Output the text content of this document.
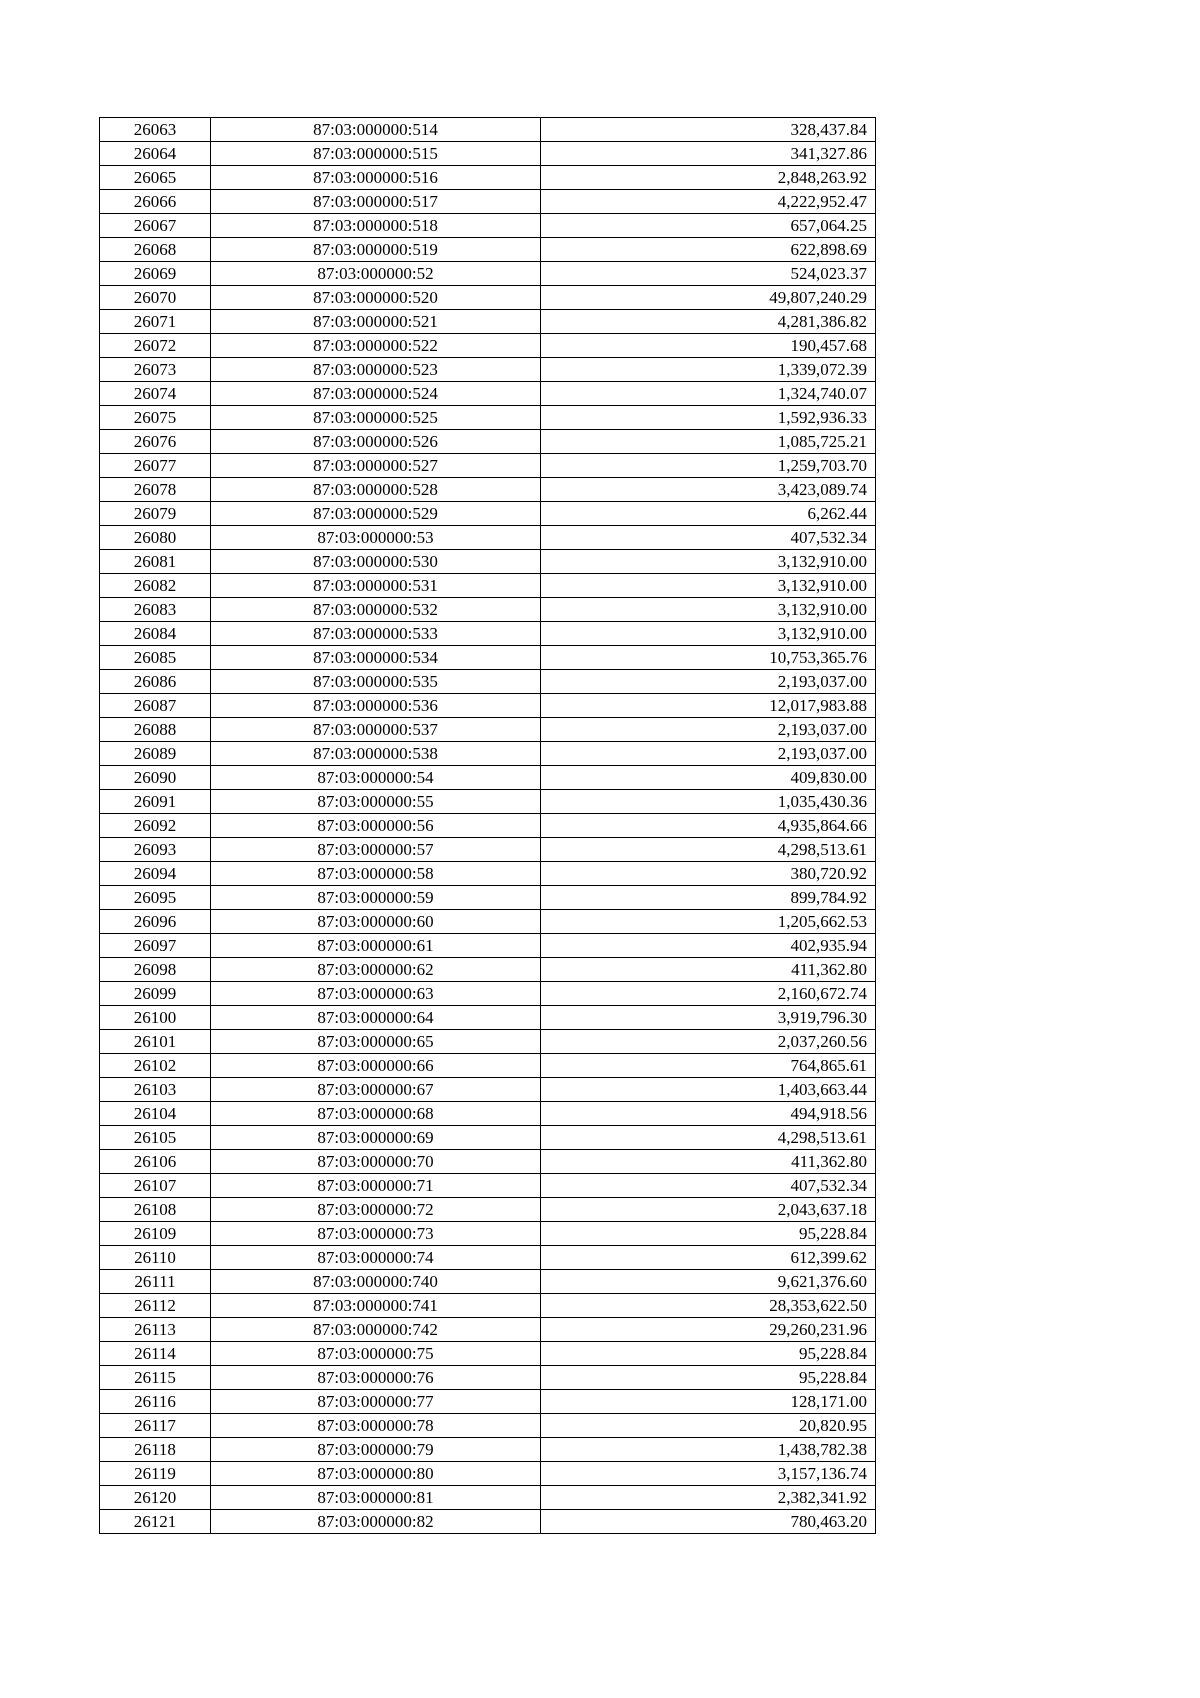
26063	87:03:000000:514	328,437.84
26064	87:03:000000:515	341,327.86
26065	87:03:000000:516	2,848,263.92
26066	87:03:000000:517	4,222,952.47
26067	87:03:000000:518	657,064.25
26068	87:03:000000:519	622,898.69
26069	87:03:000000:52	524,023.37
26070	87:03:000000:520	49,807,240.29
26071	87:03:000000:521	4,281,386.82
26072	87:03:000000:522	190,457.68
26073	87:03:000000:523	1,339,072.39
26074	87:03:000000:524	1,324,740.07
26075	87:03:000000:525	1,592,936.33
26076	87:03:000000:526	1,085,725.21
26077	87:03:000000:527	1,259,703.70
26078	87:03:000000:528	3,423,089.74
26079	87:03:000000:529	6,262.44
26080	87:03:000000:53	407,532.34
26081	87:03:000000:530	3,132,910.00
26082	87:03:000000:531	3,132,910.00
26083	87:03:000000:532	3,132,910.00
26084	87:03:000000:533	3,132,910.00
26085	87:03:000000:534	10,753,365.76
26086	87:03:000000:535	2,193,037.00
26087	87:03:000000:536	12,017,983.88
26088	87:03:000000:537	2,193,037.00
26089	87:03:000000:538	2,193,037.00
26090	87:03:000000:54	409,830.00
26091	87:03:000000:55	1,035,430.36
26092	87:03:000000:56	4,935,864.66
26093	87:03:000000:57	4,298,513.61
26094	87:03:000000:58	380,720.92
26095	87:03:000000:59	899,784.92
26096	87:03:000000:60	1,205,662.53
26097	87:03:000000:61	402,935.94
26098	87:03:000000:62	411,362.80
26099	87:03:000000:63	2,160,672.74
26100	87:03:000000:64	3,919,796.30
26101	87:03:000000:65	2,037,260.56
26102	87:03:000000:66	764,865.61
26103	87:03:000000:67	1,403,663.44
26104	87:03:000000:68	494,918.56
26105	87:03:000000:69	4,298,513.61
26106	87:03:000000:70	411,362.80
26107	87:03:000000:71	407,532.34
26108	87:03:000000:72	2,043,637.18
26109	87:03:000000:73	95,228.84
26110	87:03:000000:74	612,399.62
26111	87:03:000000:740	9,621,376.60
26112	87:03:000000:741	28,353,622.50
26113	87:03:000000:742	29,260,231.96
26114	87:03:000000:75	95,228.84
26115	87:03:000000:76	95,228.84
26116	87:03:000000:77	128,171.00
26117	87:03:000000:78	20,820.95
26118	87:03:000000:79	1,438,782.38
26119	87:03:000000:80	3,157,136.74
26120	87:03:000000:81	2,382,341.92
26121	87:03:000000:82	780,463.20
